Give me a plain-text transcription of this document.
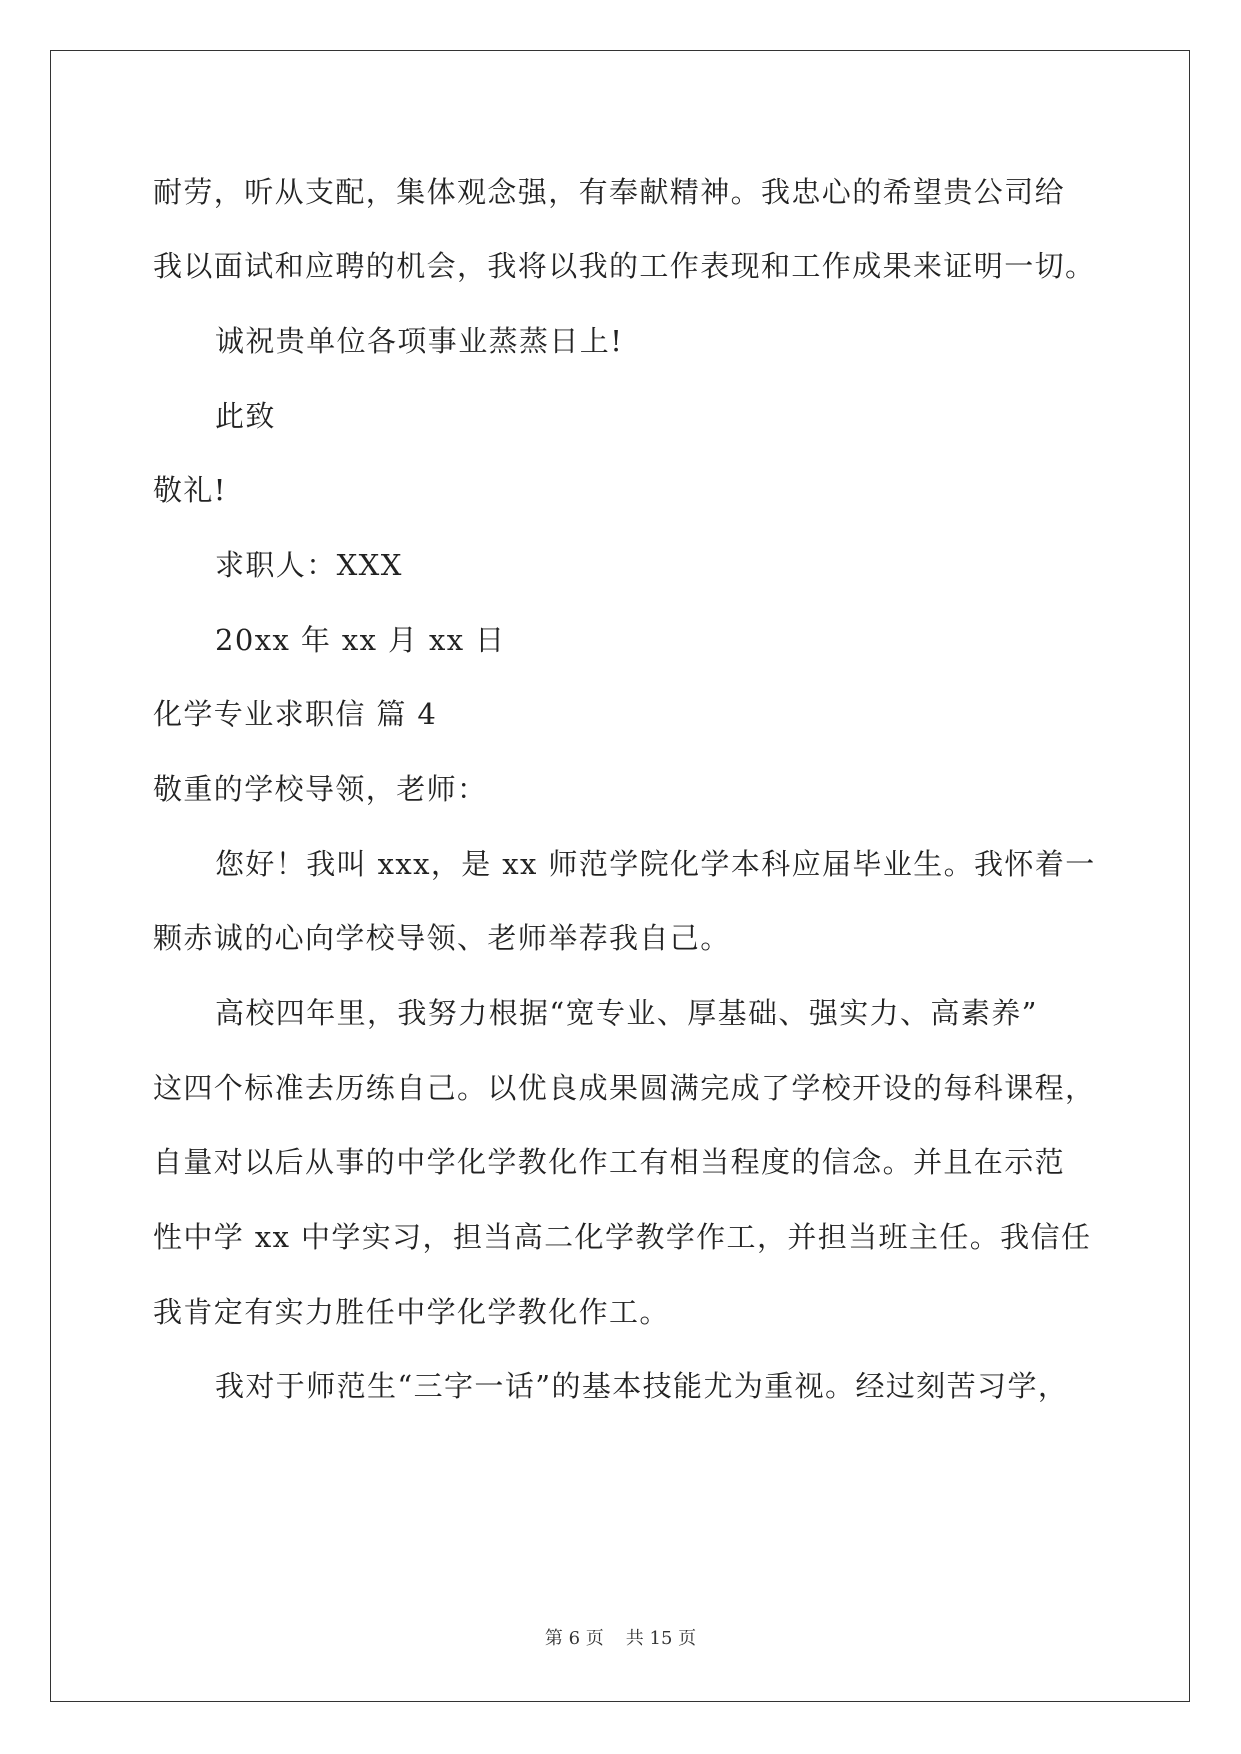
耐劳，听从支配，集体观念强，有奉献精神。我忠心的希望贵公司给
我以面试和应聘的机会，我将以我的工作表现和工作成果来证明一切。
诚祝贵单位各项事业蒸蒸日上!
此致
敬礼!
求职人：XXX
20xx 年 xx 月 xx 日
化学专业求职信 篇 4
敬重的学校导领，老师：
您好！我叫 xxx，是 xx 师范学院化学本科应届毕业生。我怀着一
颗赤诚的心向学校导领、老师举荐我自己。
高校四年里，我努力根据“宽专业、厚基础、强实力、高素养”
这四个标准去历练自己。以优良成果圆满完成了学校开设的每科课程，
自量对以后从事的中学化学教化作工有相当程度的信念。并且在示范
性中学 xx 中学实习，担当高二化学教学作工，并担当班主任。我信任
我肯定有实力胜任中学化学教化作工。
我对于师范生“三字一话”的基本技能尤为重视。经过刻苦习学，
第 6 页 共 15 页
